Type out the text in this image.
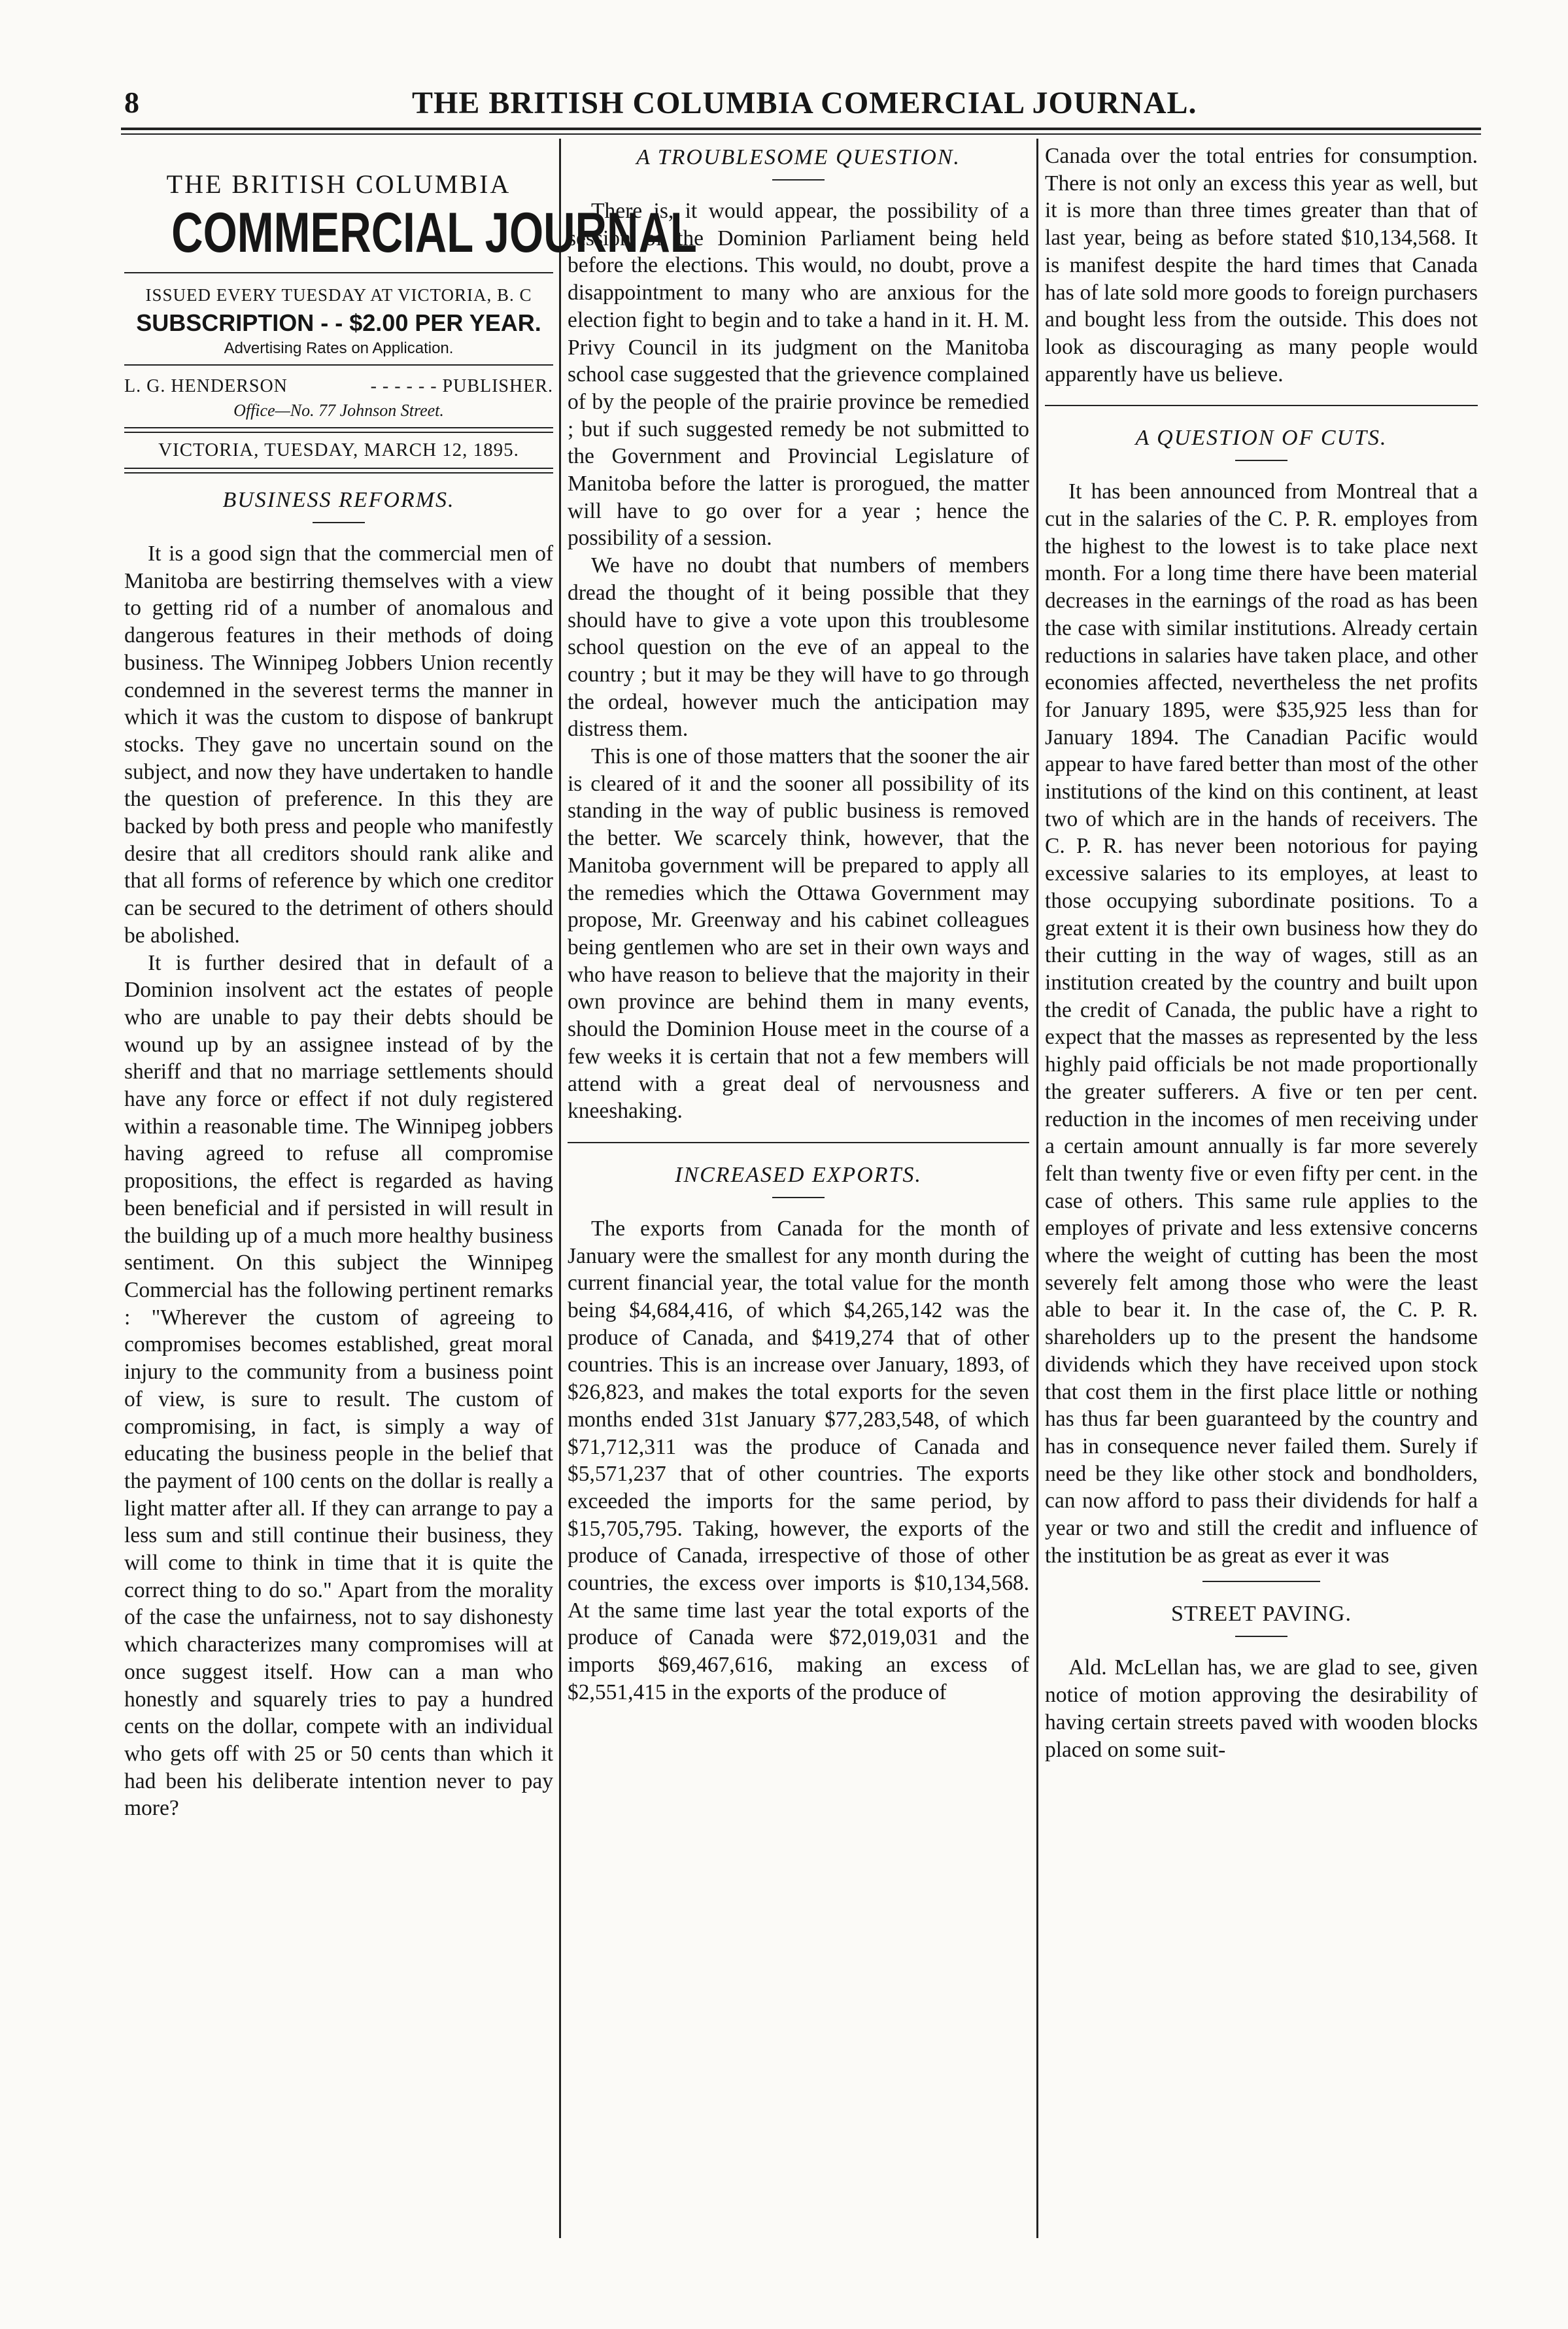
8	THE BRITISH COLUMBIA COMERCIAL JOURNAL.
THE BRITISH COLUMBIA
COMMERCIAL JOURNAL
ISSUED EVERY TUESDAY AT VICTORIA, B. C
SUBSCRIPTION - - $2.00 PER YEAR.
Advertising Rates on Application.
L. G. HENDERSON	- - - - - - PUBLISHER.
Office—No. 77 Johnson Street.
VICTORIA, TUESDAY, MARCH 12, 1895.
BUSINESS REFORMS.

It is a good sign that the commercial men of Manitoba are bestirring themselves with a view to getting rid of a number of anomalous and dangerous features in their methods of doing business. The Winnipeg Jobbers Union recently condemned in the severest terms the manner in which it was the custom to dispose of bankrupt stocks. They gave no uncertain sound on the subject, and now they have undertaken to handle the question of preference. In this they are backed by both press and people who manifestly desire that all creditors should rank alike and that all forms of reference by which one creditor can be secured to the detriment of others should be abolished.

It is further desired that in default of a Dominion insolvent act the estates of people who are unable to pay their debts should be wound up by an assignee instead of by the sheriff and that no marriage settlements should have any force or effect if not duly registered within a reasonable time. The Winnipeg jobbers having agreed to refuse all compromise propositions, the effect is regarded as having been beneficial and if persisted in will result in the building up of a much more healthy business sentiment. On this subject the Winnipeg Commercial has the following pertinent remarks : "Wherever the custom of agreeing to compromises becomes established, great moral injury to the community from a business point of view, is sure to result. The custom of compromising, in fact, is simply a way of educating the business people in the belief that the payment of 100 cents on the dollar is really a light matter after all. If they can arrange to pay a less sum and still continue their business, they will come to think in time that it is quite the correct thing to do so." Apart from the morality of the case the unfairness, not to say dishonesty which characterizes many compromises will at once suggest itself. How can a man who honestly and squarely tries to pay a hundred cents on the dollar, compete with an individual who gets off with 25 or 50 cents than which it had been his deliberate intention never to pay more?

A TROUBLESOME QUESTION.

There is, it would appear, the possibility of a session of the Dominion Parliament being held before the elections. This would, no doubt, prove a disappointment to many who are anxious for the election fight to begin and to take a hand in it. H. M. Privy Council in its judgment on the Manitoba school case suggested that the grievence complained of by the people of the prairie province be remedied ; but if such suggested remedy be not submitted to the Government and Provincial Legislature of Manitoba before the latter is prorogued, the matter will have to go over for a year ; hence the possibility of a session.

We have no doubt that numbers of members dread the thought of it being possible that they should have to give a vote upon this troublesome school question on the eve of an appeal to the country ; but it may be they will have to go through the ordeal, however much the anticipation may distress them.

This is one of those matters that the sooner the air is cleared of it and the sooner all possibility of its standing in the way of public business is removed the better. We scarcely think, however, that the Manitoba government will be prepared to apply all the remedies which the Ottawa Government may propose, Mr. Greenway and his cabinet colleagues being gentlemen who are set in their own ways and who have reason to believe that the majority in their own province are behind them in many events, should the Dominion House meet in the course of a few weeks it is certain that not a few members will attend with a great deal of nervousness and kneeshaking.

INCREASED EXPORTS.

The exports from Canada for the month of January were the smallest for any month during the current financial year, the total value for the month being $4,684,416, of which $4,265,142 was the produce of Canada, and $419,274 that of other countries. This is an increase over January, 1893, of $26,823, and makes the total exports for the seven months ended 31st January $77,283,548, of which $71,712,311 was the produce of Canada and $5,571,237 that of other countries. The exports exceeded the imports for the same period, by $15,705,795. Taking, however, the exports of the produce of Canada, irrespective of those of other countries, the excess over imports is $10,134,568. At the same time last year the total exports of the produce of Canada were $72,019,031 and the imports $69,467,616, making an excess of $2,551,415 in the exports of the produce of

Canada over the total entries for consumption. There is not only an excess this year as well, but it is more than three times greater than that of last year, being as before stated $10,134,568. It is manifest despite the hard times that Canada has of late sold more goods to foreign purchasers and bought less from the outside. This does not look as discouraging as many people would apparently have us believe.

A QUESTION OF CUTS.

It has been announced from Montreal that a cut in the salaries of the C. P. R. employes from the highest to the lowest is to take place next month. For a long time there have been material decreases in the earnings of the road as has been the case with similar institutions. Already certain reductions in salaries have taken place, and other economies affected, nevertheless the net profits for January 1895, were $35,925 less than for January 1894. The Canadian Pacific would appear to have fared better than most of the other institutions of the kind on this continent, at least two of which are in the hands of receivers. The C. P. R. has never been notorious for paying excessive salaries to its employes, at least to those occupying subordinate positions. To a great extent it is their own business how they do their cutting in the way of wages, still as an institution created by the country and built upon the credit of Canada, the public have a right to expect that the masses as represented by the less highly paid officials be not made proportionally the greater sufferers. A five or ten per cent. reduction in the incomes of men receiving under a certain amount annually is far more severely felt than twenty five or even fifty per cent. in the case of others. This same rule applies to the employes of private and less extensive concerns where the weight of cutting has been the most severely felt among those who were the least able to bear it. In the case of, the C. P. R. shareholders up to the present the handsome dividends which they have received upon stock that cost them in the first place little or nothing has thus far been guaranteed by the country and has in consequence never failed them. Surely if need be they like other stock and bondholders, can now afford to pass their dividends for half a year or two and still the credit and influence of the institution be as great as ever it was

STREET PAVING.

Ald. McLellan has, we are glad to see, given notice of motion approving the desirability of having certain streets paved with wooden blocks placed on some suit-
